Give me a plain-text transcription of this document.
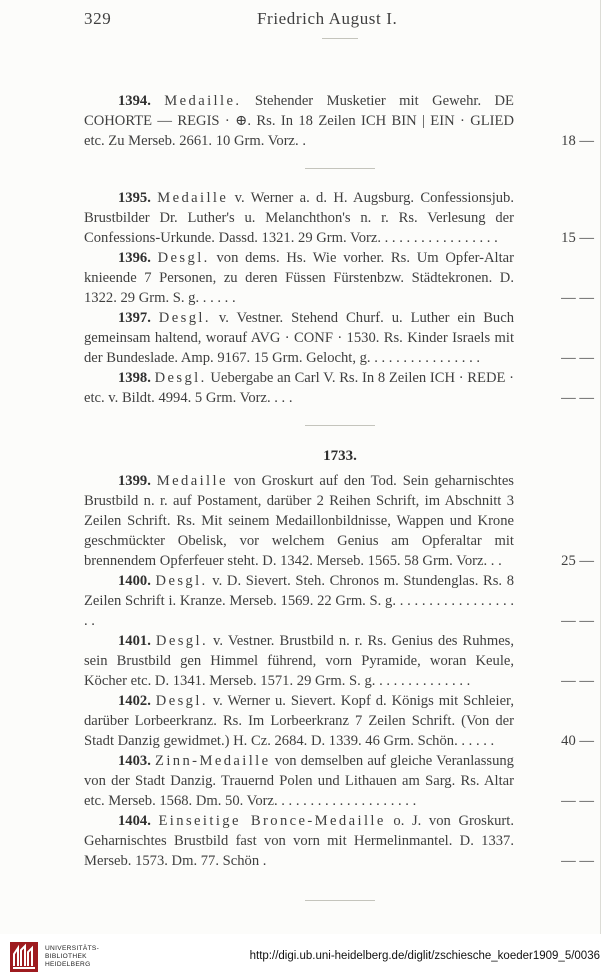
329	Friedrich August I.

1394. Medaille. Stehender Musketier mit Gewehr. DE COHORTE — REGIS · ⊕. Rs. In 18 Zeilen ICH BIN | EIN · GLIED etc. Zu Merseb. 2661. 10 Grm. Vorz. .	18 —

1395. Medaille v. Werner a. d. H. Augsburg. Confessionsjub. Brustbilder Dr. Luther's u. Melanchthon's n. r. Rs. Verlesung der Confessions-Urkunde. Dassd. 1321. 29 Grm. Vorz. . . . . . . . . . . . . . . . .	15 —

1396. Desgl. von dems. Hs. Wie vorher. Rs. Um Opfer-Altar knieende 7 Personen, zu deren Füssen Fürstenbzw. Städtekronen. D. 1322. 29 Grm. S. g. . . . . .	— —

1397. Desgl. v. Vestner. Stehend Churf. u. Luther ein Buch gemeinsam haltend, worauf AVG · CONF · 1530. Rs. Kinder Israels mit der Bundeslade. Amp. 9167. 15 Grm. Gelocht, g. . . . . . . . . . . . . . . .	— —

1398. Desgl. Uebergabe an Carl V. Rs. In 8 Zeilen ICH · REDE · etc. v. Bildt. 4994. 5 Grm. Vorz. . . .	— —
1733.

1399. Medaille von Groskurt auf den Tod. Sein geharnischtes Brustbild n. r. auf Postament, darüber 2 Reihen Schrift, im Abschnitt 3 Zeilen Schrift. Rs. Mit seinem Medaillonbildnisse, Wappen und Krone geschmückter Obelisk, vor welchem Genius am Opferaltar mit brennendem Opferfeuer steht. D. 1342. Merseb. 1565. 58 Grm. Vorz. . .	25 —

1400. Desgl. v. D. Sievert. Steh. Chronos m. Stundenglas. Rs. 8 Zeilen Schrift i. Kranze. Merseb. 1569. 22 Grm. S. g. . . . . . . . . . . . . . . . . . .	— —

1401. Desgl. v. Vestner. Brustbild n. r. Rs. Genius des Ruhmes, sein Brustbild gen Himmel führend, vorn Pyramide, woran Keule, Köcher etc. D. 1341. Merseb. 1571. 29 Grm. S. g. . . . . . . . . . . . . .	— —

1402. Desgl. v. Werner u. Sievert. Kopf d. Königs mit Schleier, darüber Lorbeerkranz. Rs. Im Lorbeerkranz 7 Zeilen Schrift. (Von der Stadt Danzig gewidmet.) H. Cz. 2684. D. 1339. 46 Grm. Schön. . . . . .	40 —

1403. Zinn-Medaille von demselben auf gleiche Veranlassung von der Stadt Danzig. Trauernd Polen und Lithauen am Sarg. Rs. Altar etc. Merseb. 1568. Dm. 50. Vorz. . . . . . . . . . . . . . . . . . . .	— —

1404. Einseitige Bronce-Medaille o. J. von Groskurt. Geharnischtes Brustbild fast von vorn mit Hermelinmantel. D. 1337. Merseb. 1573. Dm. 77. Schön .	— —
UNIVERSITÄTS-
BIBLIOTHEK
HEIDELBERG
http://digi.ub.uni-heidelberg.de/diglit/zschiesche_koeder1909_5/0036
